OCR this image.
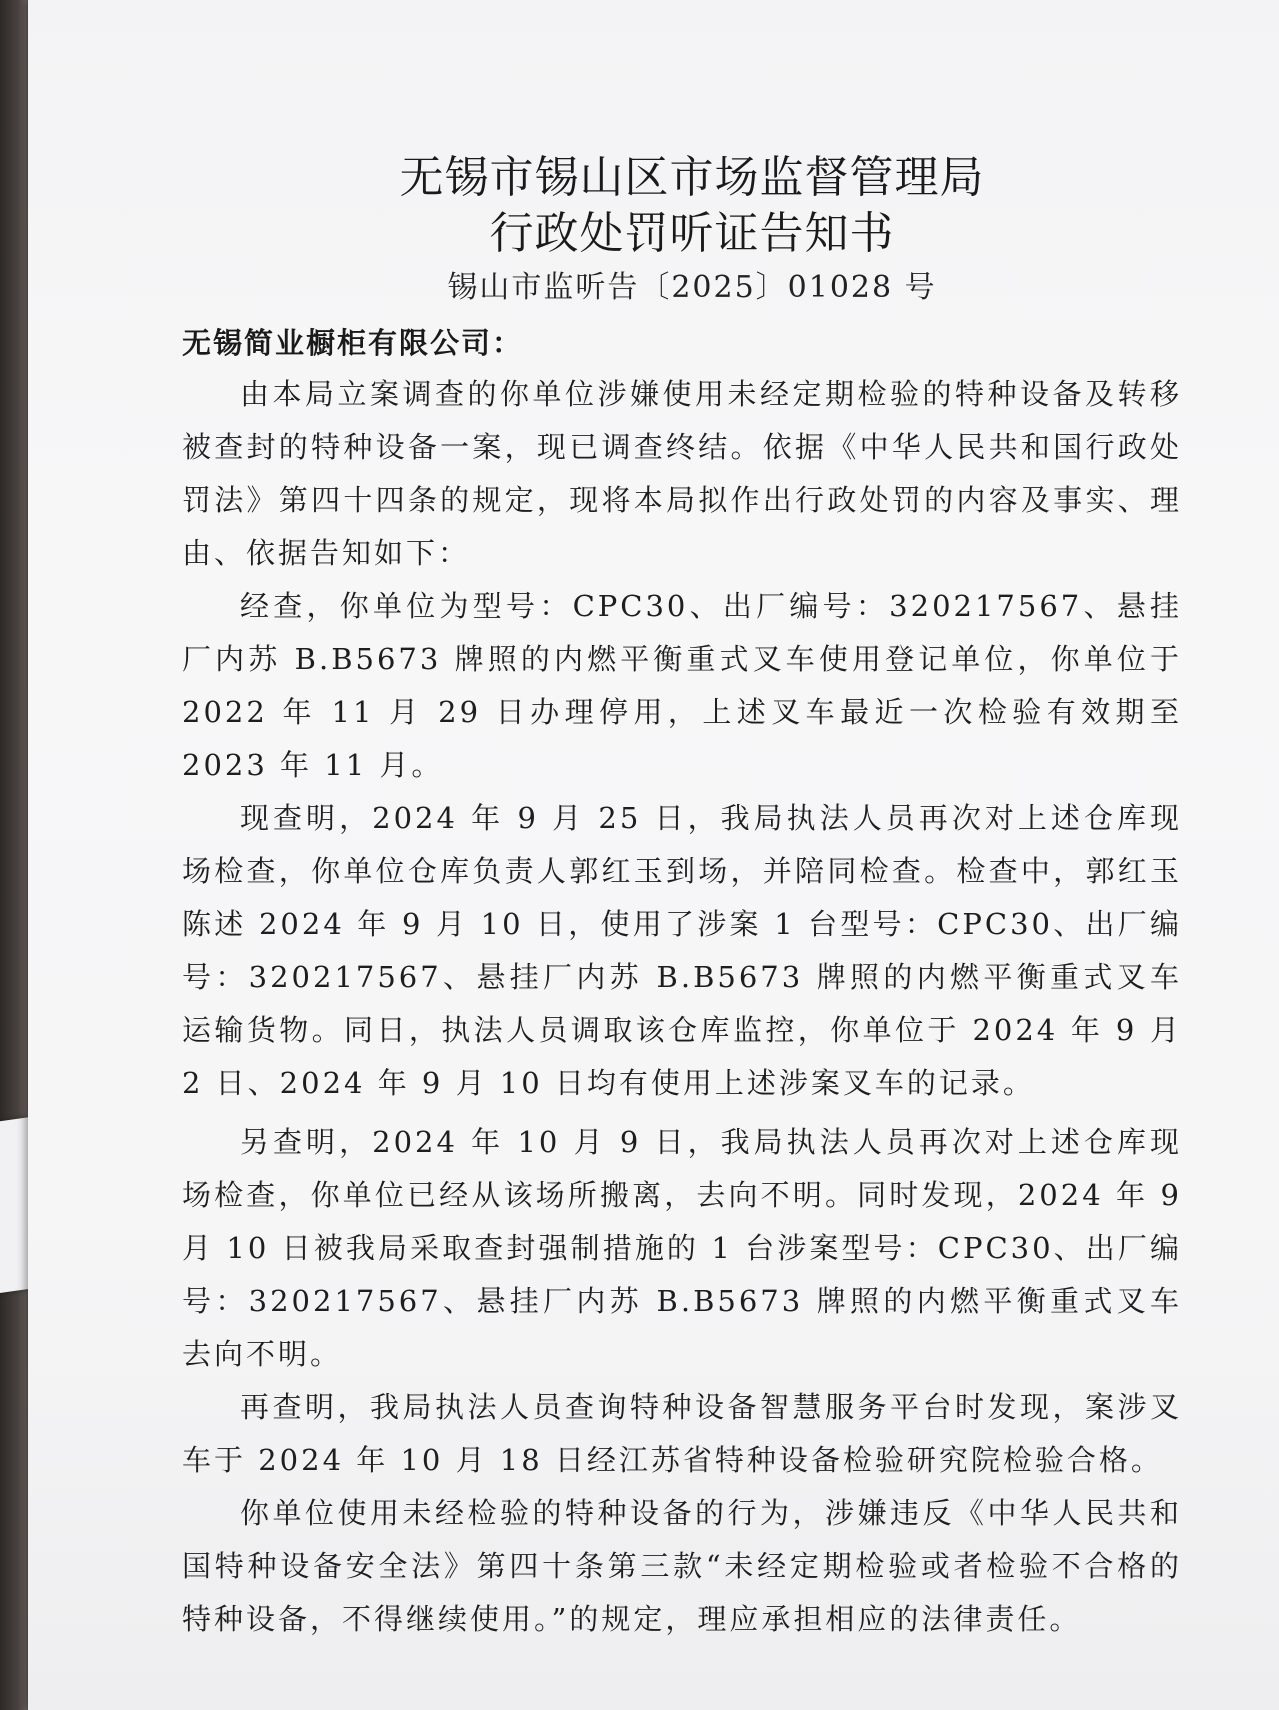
无锡市锡山区市场监督管理局
行政处罚听证告知书
锡山市监听告〔2025〕01028 号
无锡简业橱柜有限公司：

由本局立案调查的你单位涉嫌使用未经定期检验的特种设备及转移被查封的特种设备一案，现已调查终结。依据《中华人民共和国行政处罚法》第四十四条的规定，现将本局拟作出行政处罚的内容及事实、理由、依据告知如下：

经查，你单位为型号：CPC30、出厂编号：320217567、悬挂厂内苏 B.B5673 牌照的内燃平衡重式叉车使用登记单位，你单位于 2022 年 11 月 29 日办理停用，上述叉车最近一次检验有效期至 2023 年 11 月。

现查明，2024 年 9 月 25 日，我局执法人员再次对上述仓库现场检查，你单位仓库负责人郭红玉到场，并陪同检查。检查中，郭红玉陈述 2024 年 9 月 10 日，使用了涉案 1 台型号：CPC30、出厂编号：320217567、悬挂厂内苏 B.B5673 牌照的内燃平衡重式叉车运输货物。同日，执法人员调取该仓库监控，你单位于 2024 年 9 月 2 日、2024 年 9 月 10 日均有使用上述涉案叉车的记录。

另查明，2024 年 10 月 9 日，我局执法人员再次对上述仓库现场检查，你单位已经从该场所搬离，去向不明。同时发现，2024 年 9 月 10 日被我局采取查封强制措施的 1 台涉案型号：CPC30、出厂编号：320217567、悬挂厂内苏 B.B5673 牌照的内燃平衡重式叉车去向不明。

再查明，我局执法人员查询特种设备智慧服务平台时发现，案涉叉车于 2024 年 10 月 18 日经江苏省特种设备检验研究院检验合格。

你单位使用未经检验的特种设备的行为，涉嫌违反《中华人民共和国特种设备安全法》第四十条第三款“未经定期检验或者检验不合格的特种设备，不得继续使用。”的规定，理应承担相应的法律责任。
